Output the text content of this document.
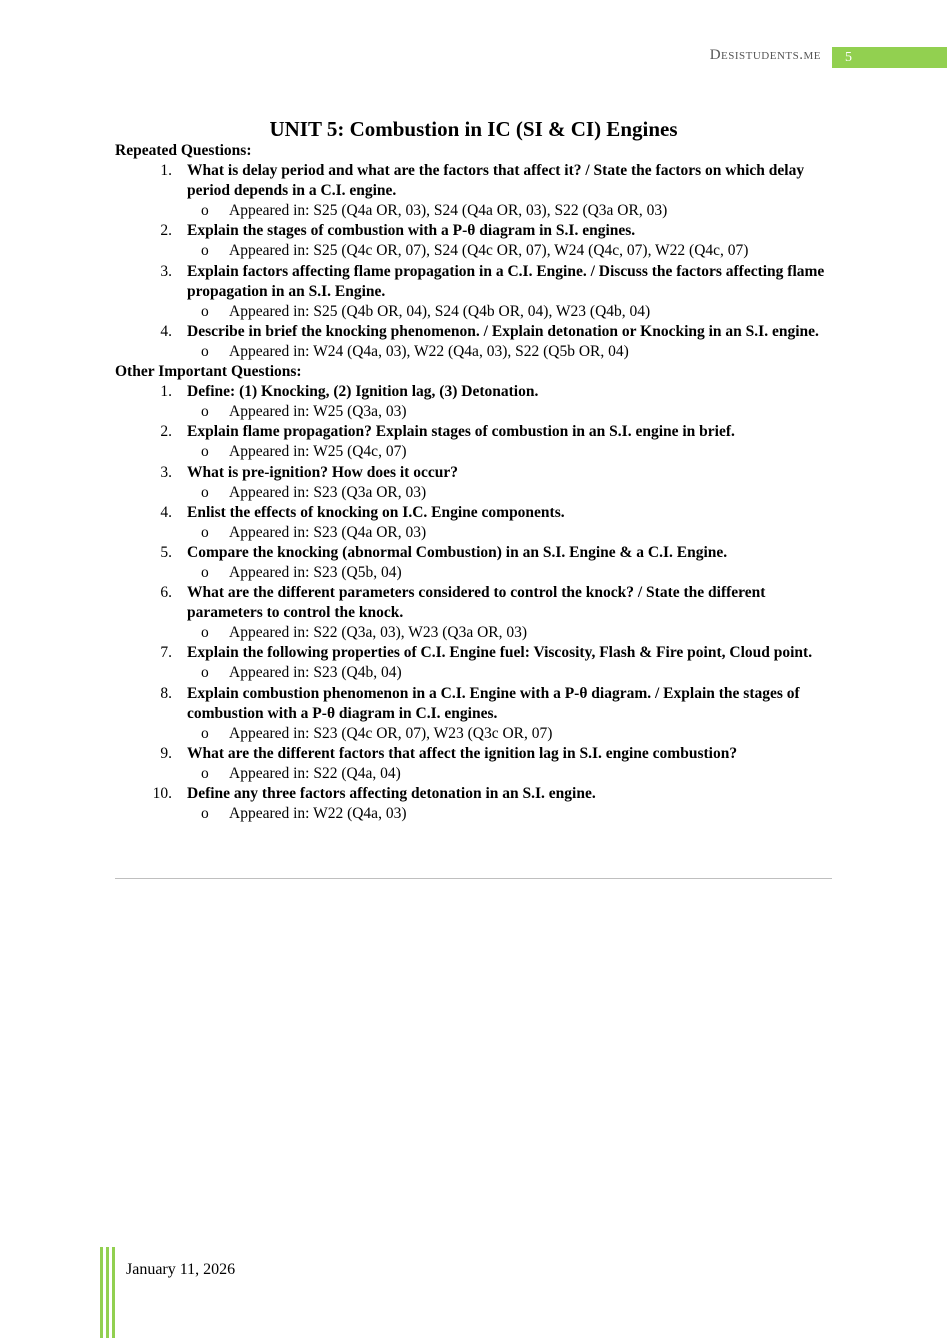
Desistudents.me	5
UNIT 5: Combustion in IC (SI & CI) Engines
Repeated Questions:
1. What is delay period and what are the factors that affect it? / State the factors on which delay period depends in a C.I. engine.
o	Appeared in: S25 (Q4a OR, 03), S24 (Q4a OR, 03), S22 (Q3a OR, 03)
2. Explain the stages of combustion with a P-θ diagram in S.I. engines.
o	Appeared in: S25 (Q4c OR, 07), S24 (Q4c OR, 07), W24 (Q4c, 07), W22 (Q4c, 07)
3. Explain factors affecting flame propagation in a C.I. Engine. / Discuss the factors affecting flame propagation in an S.I. Engine.
o	Appeared in: S25 (Q4b OR, 04), S24 (Q4b OR, 04), W23 (Q4b, 04)
4. Describe in brief the knocking phenomenon. / Explain detonation or Knocking in an S.I. engine.
o	Appeared in: W24 (Q4a, 03), W22 (Q4a, 03), S22 (Q5b OR, 04)
Other Important Questions:
1. Define: (1) Knocking, (2) Ignition lag, (3) Detonation.
o	Appeared in: W25 (Q3a, 03)
2. Explain flame propagation? Explain stages of combustion in an S.I. engine in brief.
o	Appeared in: W25 (Q4c, 07)
3. What is pre-ignition? How does it occur?
o	Appeared in: S23 (Q3a OR, 03)
4. Enlist the effects of knocking on I.C. Engine components.
o	Appeared in: S23 (Q4a OR, 03)
5. Compare the knocking (abnormal Combustion) in an S.I. Engine & a C.I. Engine.
o	Appeared in: S23 (Q5b, 04)
6. What are the different parameters considered to control the knock? / State the different parameters to control the knock.
o	Appeared in: S22 (Q3a, 03), W23 (Q3a OR, 03)
7. Explain the following properties of C.I. Engine fuel: Viscosity, Flash & Fire point, Cloud point.
o	Appeared in: S23 (Q4b, 04)
8. Explain combustion phenomenon in a C.I. Engine with a P-θ diagram. / Explain the stages of combustion with a P-θ diagram in C.I. engines.
o	Appeared in: S23 (Q4c OR, 07), W23 (Q3c OR, 07)
9. What are the different factors that affect the ignition lag in S.I. engine combustion?
o	Appeared in: S22 (Q4a, 04)
10. Define any three factors affecting detonation in an S.I. engine.
o	Appeared in: W22 (Q4a, 03)
January 11, 2026
